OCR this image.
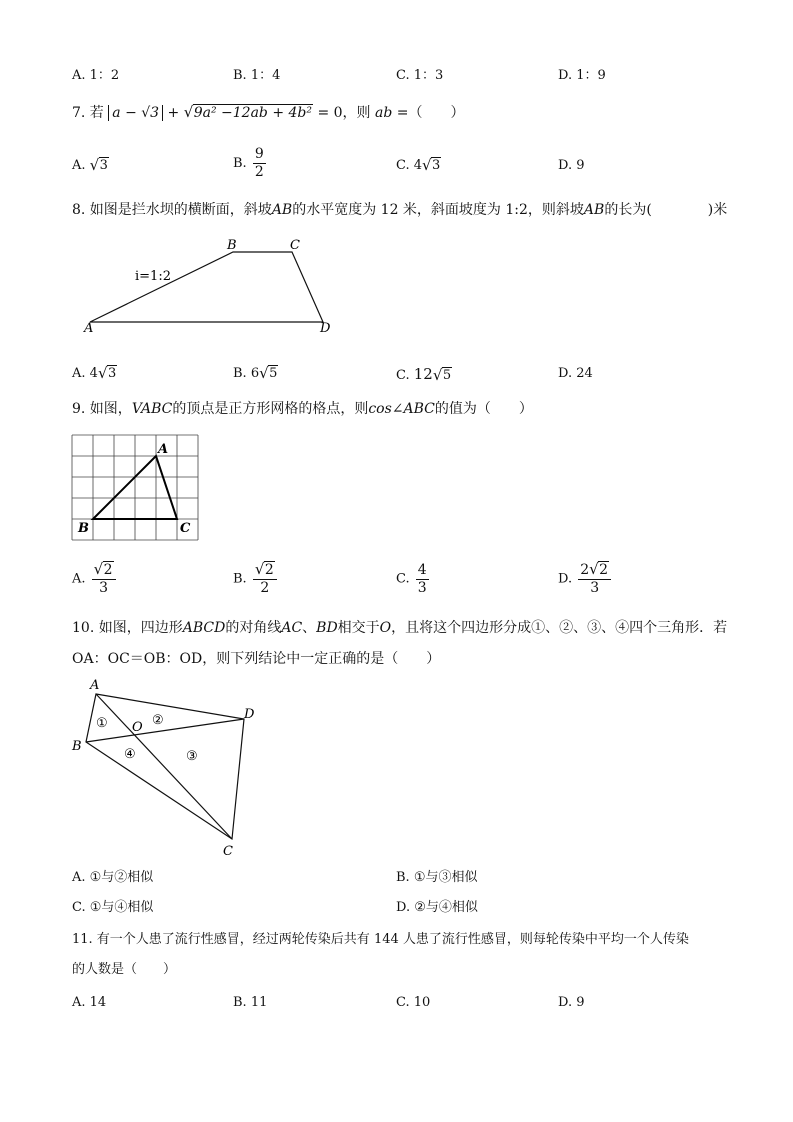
A. 1：2	B. 1：4	C. 1：3	D. 1：9
7. 若 a − √3 + √ 9a² −12ab + 4b² = 0，则 ab =（　　）
A. √ 3	B. $\frac{9}{2}$	C. 4 √ 3	D. 9
8. 如图是拦水坝的横断面，斜坡AB的水平宽度为 12 米，斜面坡度为 1:2，则斜坡AB的长为(　　　　)米
A
B	C
D
i=1:2
A. 4 √ 3	B. 6 √ 5	C. 12 √ 5	D. 24
9. 如图，VABC的顶点是正方形网格的格点，则cos∠ABC的值为（　　）
A
B	C
A. √ $\frac{2}{3}$	B. √ $\frac{2}{2}$	C. $\frac{4}{3}$	D. $\frac{2 √ 2}{3}$
10. 如图，四边形ABCD的对角线AC、BD相交于O，且将这个四边形分成①、②、③、④四个三角形．若
OA：OC＝OB：OD，则下列结论中一定正确的是（　　）
A
B
C
D
O
①	②
③
④
A. ①与②相似	B. ①与③相似
C. ①与④相似	D. ②与④相似
11. 有一个人患了流行性感冒，经过两轮传染后共有 144 人患了流行性感冒，则每轮传染中平均一个人传染
的人数是（　　）
A. 14	B. 11	C. 10	D. 9
